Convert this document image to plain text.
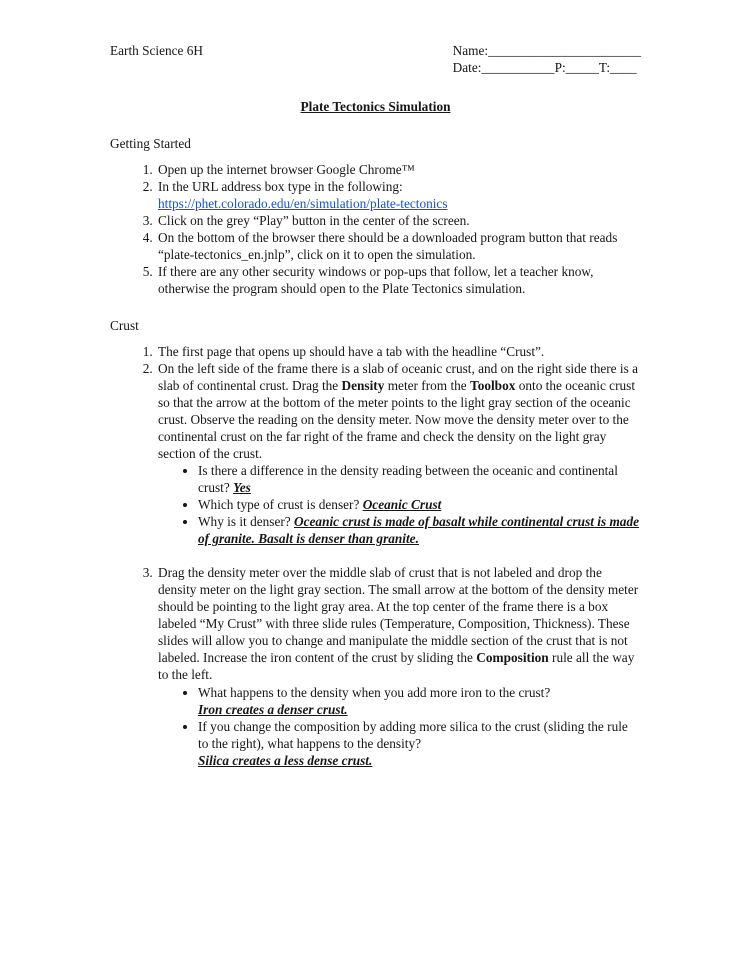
Earth Science 6H	Name:_______________________
Date:___________P:_____T:____
Plate Tectonics Simulation
Getting Started
1. Open up the internet browser Google Chrome™
2. In the URL address box type in the following:
https://phet.colorado.edu/en/simulation/plate-tectonics
3. Click on the grey “Play” button in the center of the screen.
4. On the bottom of the browser there should be a downloaded program button that reads “plate-tectonics_en.jnlp”, click on it to open the simulation.
5. If there are any other security windows or pop-ups that follow, let a teacher know, otherwise the program should open to the Plate Tectonics simulation.
Crust
1. The first page that opens up should have a tab with the headline “Crust”.
2. On the left side of the frame there is a slab of oceanic crust, and on the right side there is a slab of continental crust. Drag the Density meter from the Toolbox onto the oceanic crust so that the arrow at the bottom of the meter points to the light gray section of the oceanic crust. Observe the reading on the density meter. Now move the density meter over to the continental crust on the far right of the frame and check the density on the light gray section of the crust.
• Is there a difference in the density reading between the oceanic and continental crust? Yes
• Which type of crust is denser? Oceanic Crust
• Why is it denser? Oceanic crust is made of basalt while continental crust is made of granite. Basalt is denser than granite.
3. Drag the density meter over the middle slab of crust that is not labeled and drop the density meter on the light gray section. The small arrow at the bottom of the density meter should be pointing to the light gray area. At the top center of the frame there is a box labeled “My Crust” with three slide rules (Temperature, Composition, Thickness). These slides will allow you to change and manipulate the middle section of the crust that is not labeled. Increase the iron content of the crust by sliding the Composition rule all the way to the left.
• What happens to the density when you add more iron to the crust?
Iron creates a denser crust.
• If you change the composition by adding more silica to the crust (sliding the rule to the right), what happens to the density?
Silica creates a less dense crust.
